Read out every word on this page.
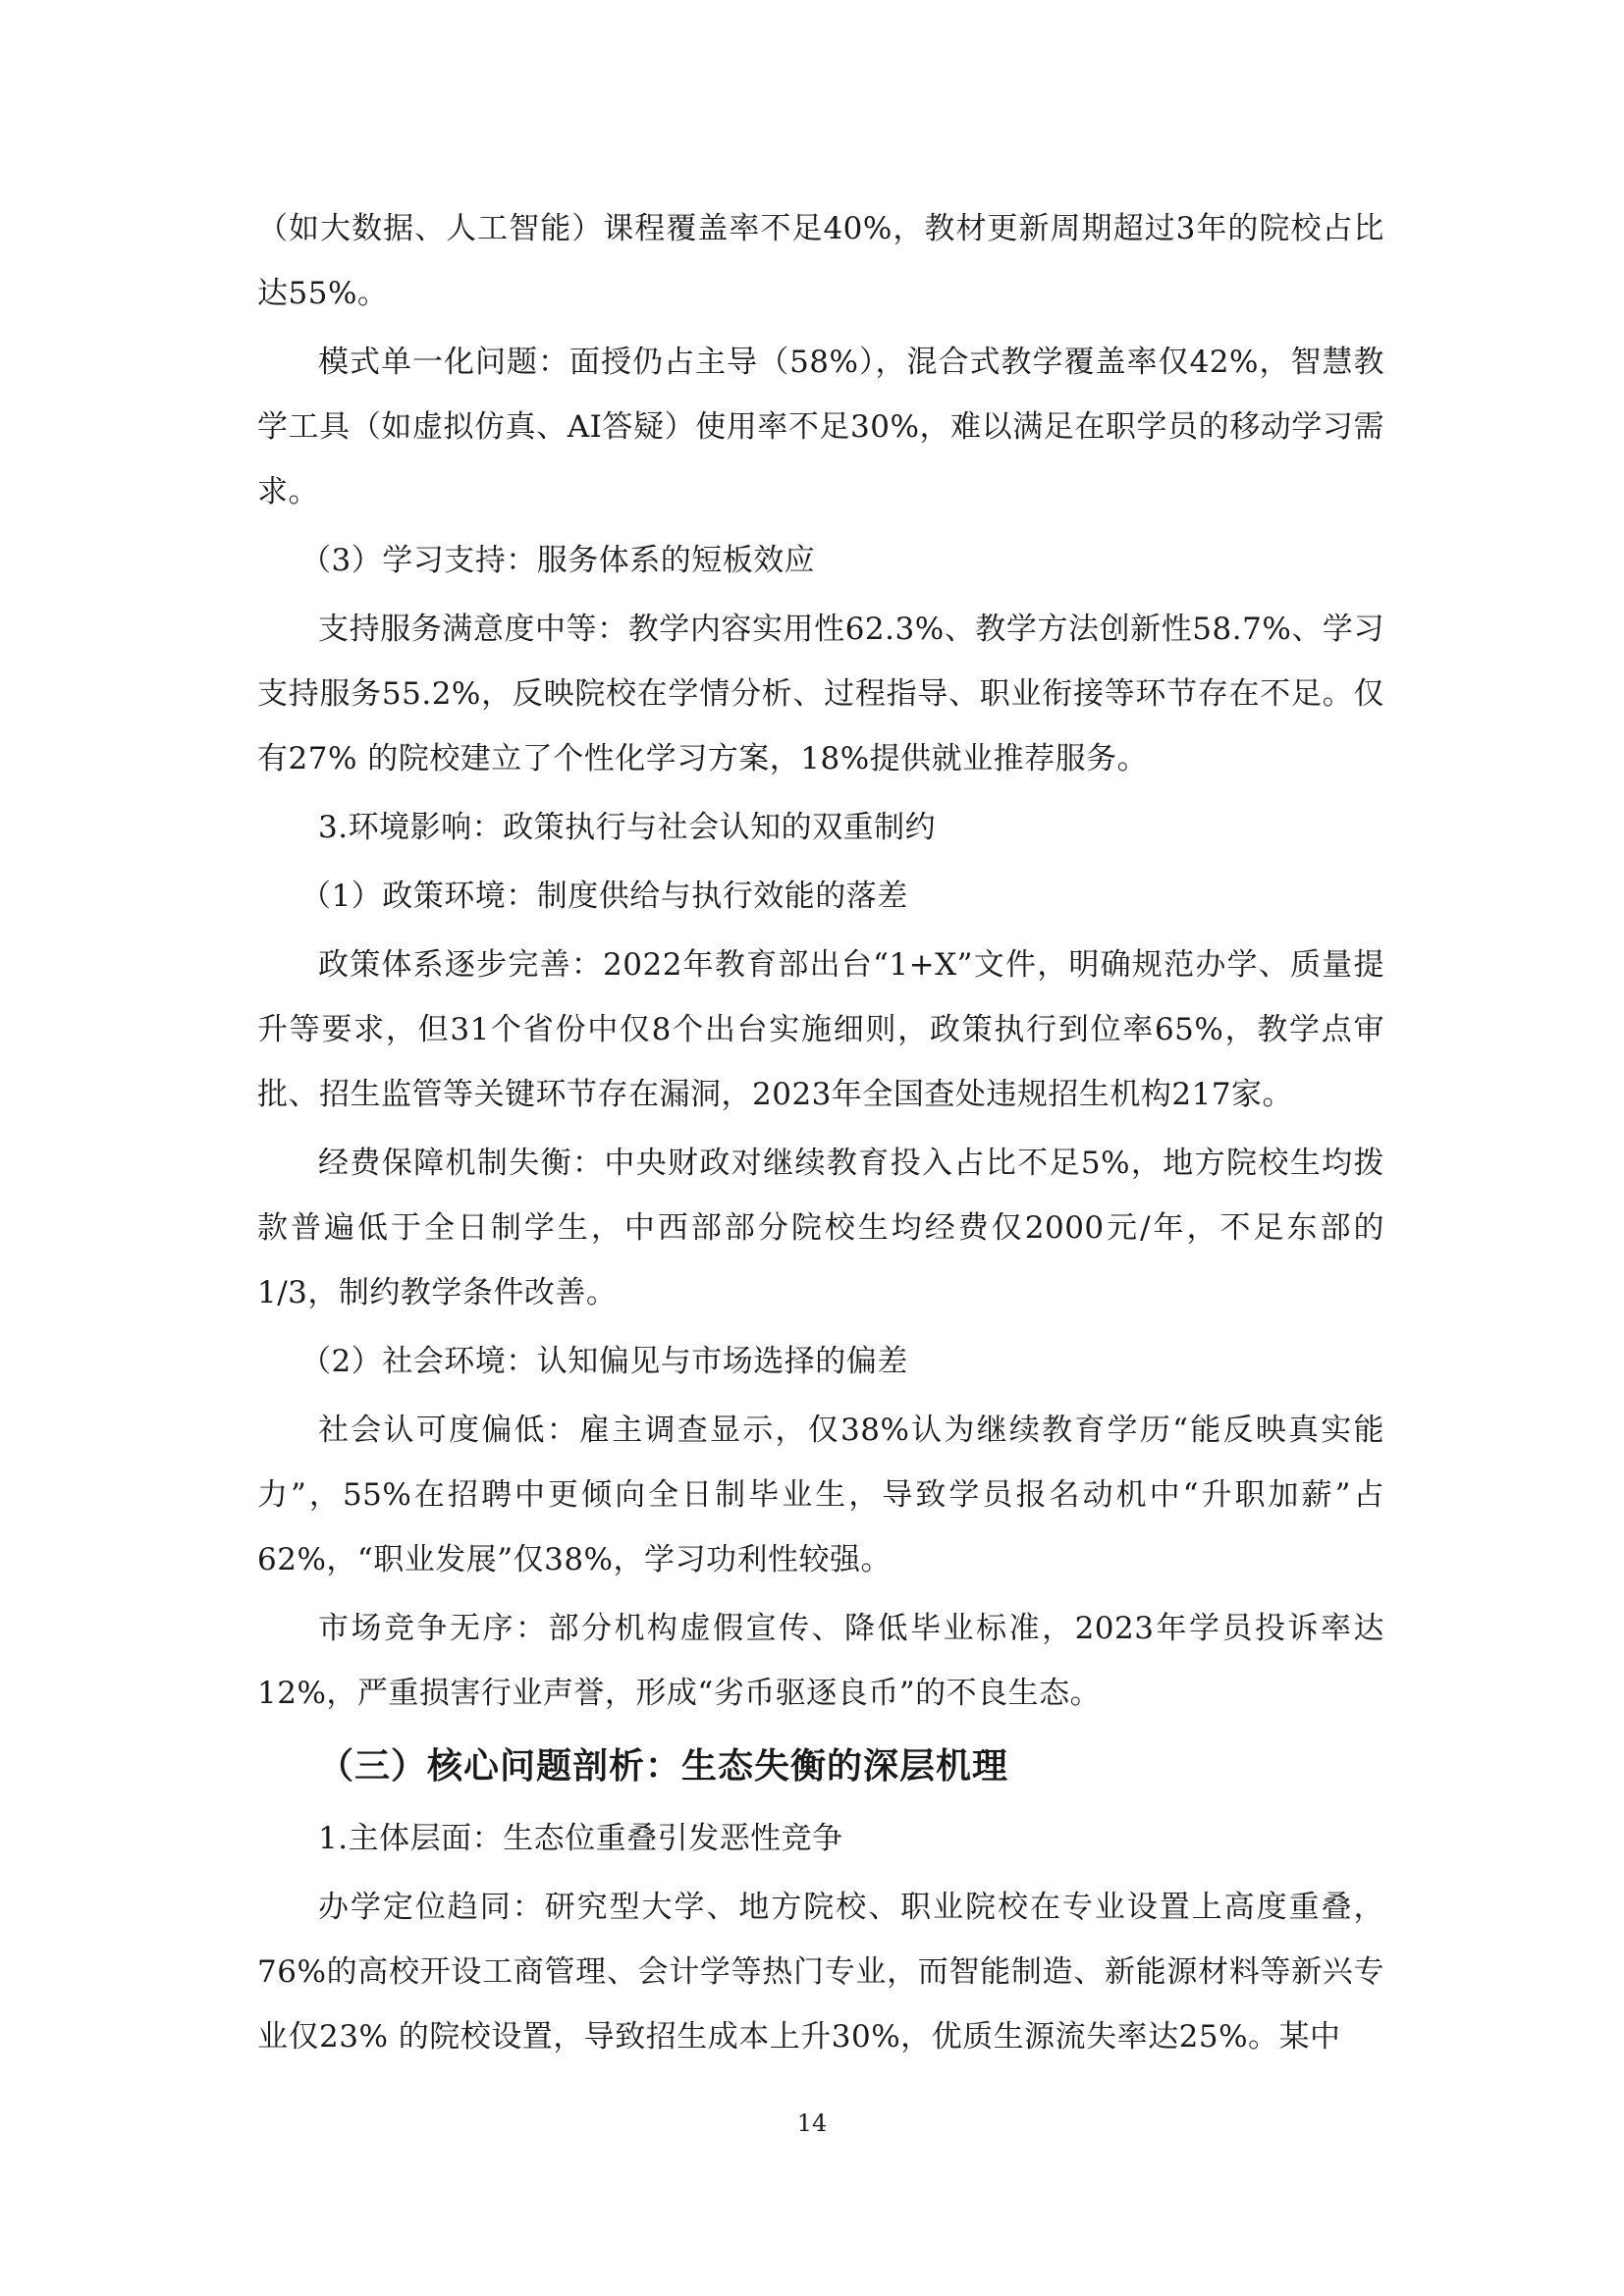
（如大数据、人工智能）课程覆盖率不足40%，教材更新周期超过3年的院校占比达55%。

模式单一化问题：面授仍占主导（58%），混合式教学覆盖率仅42%，智慧教学工具（如虚拟仿真、AI答疑）使用率不足30%，难以满足在职学员的移动学习需求。

（3）学习支持：服务体系的短板效应

支持服务满意度中等：教学内容实用性62.3%、教学方法创新性58.7%、学习支持服务55.2%，反映院校在学情分析、过程指导、职业衔接等环节存在不足。仅有27% 的院校建立了个性化学习方案，18%提供就业推荐服务。

3.环境影响：政策执行与社会认知的双重制约

（1）政策环境：制度供给与执行效能的落差

政策体系逐步完善：2022年教育部出台“1+X”文件，明确规范办学、质量提升等要求，但31个省份中仅8个出台实施细则，政策执行到位率65%，教学点审批、招生监管等关键环节存在漏洞，2023年全国查处违规招生机构217家。

经费保障机制失衡：中央财政对继续教育投入占比不足5%，地方院校生均拨款普遍低于全日制学生，中西部部分院校生均经费仅2000元/年，不足东部的1/3，制约教学条件改善。

（2）社会环境：认知偏见与市场选择的偏差

社会认可度偏低：雇主调查显示，仅38%认为继续教育学历“能反映真实能力”，55%在招聘中更倾向全日制毕业生，导致学员报名动机中“升职加薪”占62%，“职业发展”仅38%，学习功利性较强。

市场竞争无序：部分机构虚假宣传、降低毕业标准，2023年学员投诉率达12%，严重损害行业声誉，形成“劣币驱逐良币”的不良生态。

（三）核心问题剖析：生态失衡的深层机理

1.主体层面：生态位重叠引发恶性竞争

办学定位趋同：研究型大学、地方院校、职业院校在专业设置上高度重叠，76%的高校开设工商管理、会计学等热门专业，而智能制造、新能源材料等新兴专业仅23% 的院校设置，导致招生成本上升30%，优质生源流失率达25%。某中

14
